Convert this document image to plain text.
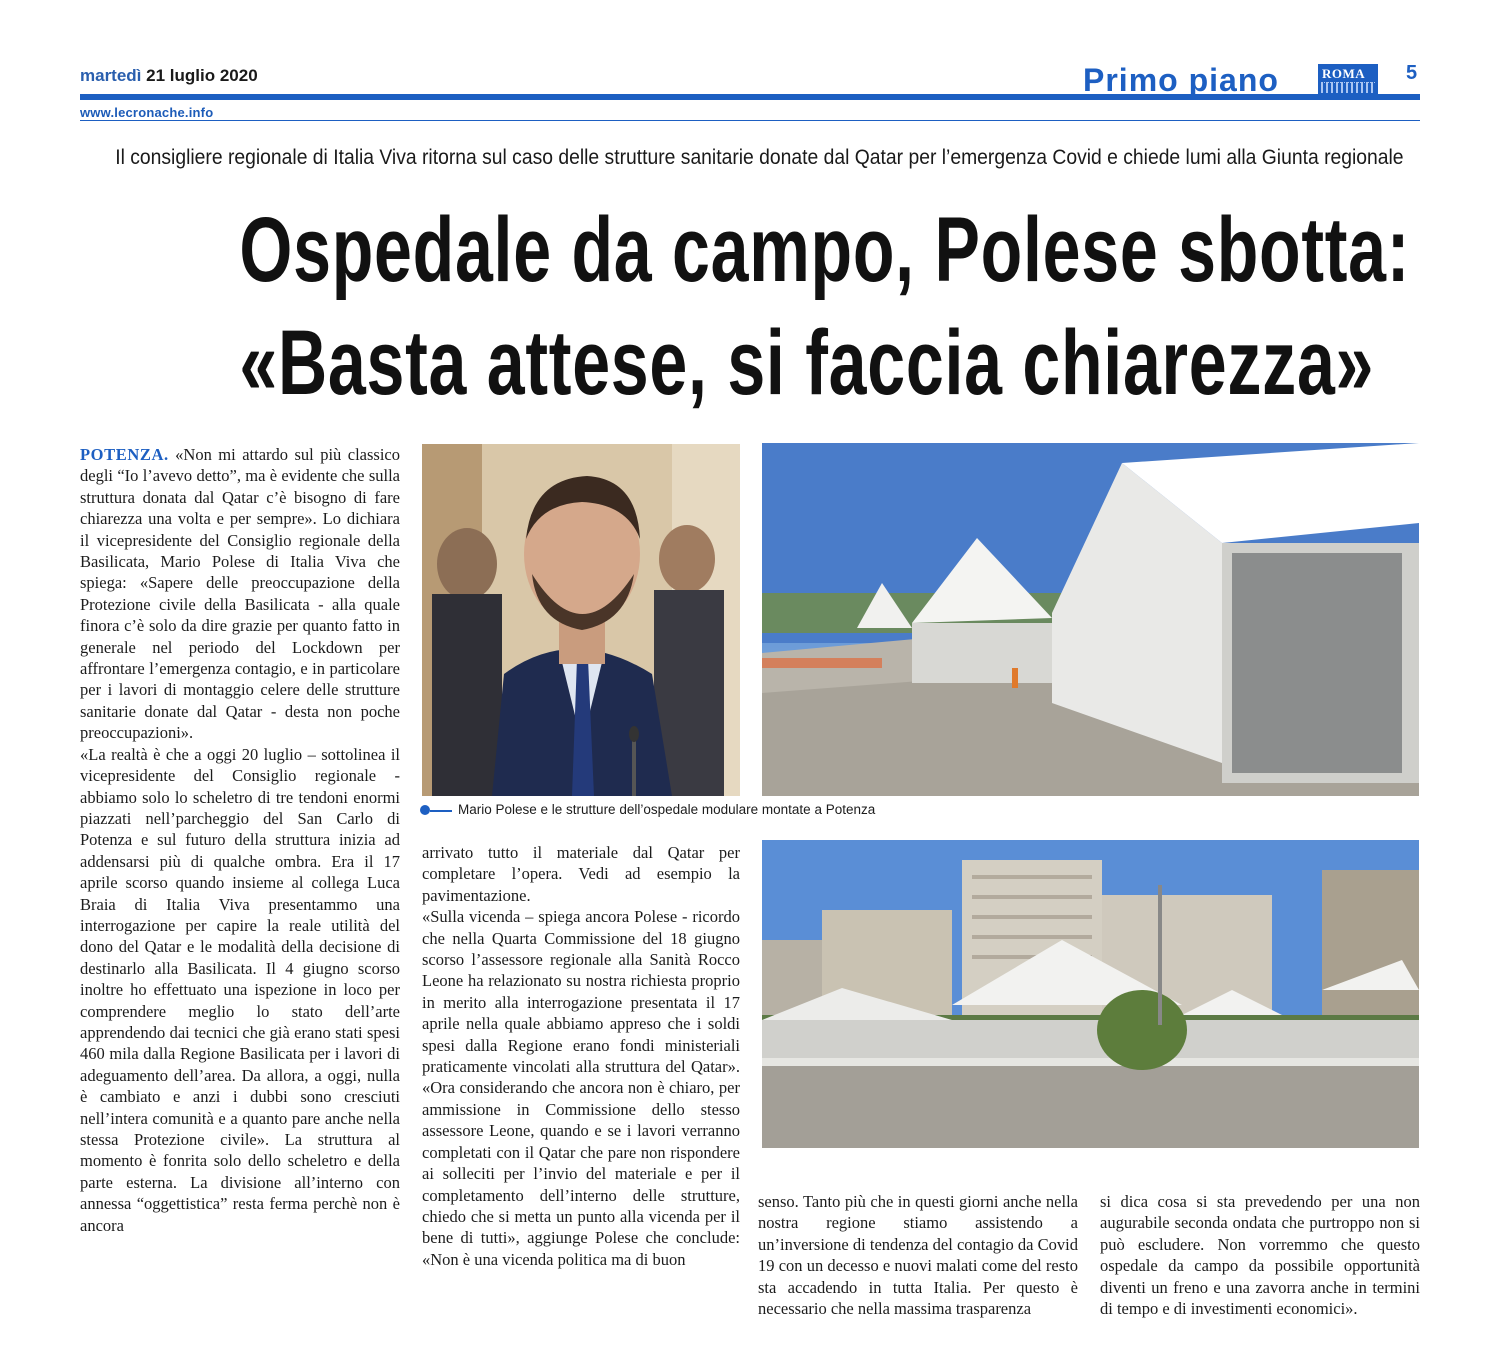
martedì 21 luglio 2020
www.lecronache.info
Primo piano	ROMA 5
Il consigliere regionale di Italia Viva ritorna sul caso delle strutture sanitarie donate dal Qatar per l’emergenza Covid e chiede lumi alla Giunta regionale
Ospedale da campo, Polese sbotta:
«Basta attese, si faccia chiarezza»

POTENZA. «Non mi attardo sul più classico degli “Io l’avevo detto”, ma è evidente che sulla struttura donata dal Qatar c’è bisogno di fare chiarezza una volta e per sempre». Lo dichiara il vicepresidente del Consiglio regionale della Basilicata, Mario Polese di Italia Viva che spiega: «Sapere delle preoccupazione della Protezione civile della Basilicata - alla quale finora c’è solo da dire grazie per quanto fatto in generale nel periodo del Lockdown per affrontare l’emergenza contagio, e in particolare per i lavori di montaggio celere delle strutture sanitarie donate dal Qatar - desta non poche preoccupazioni».

«La realtà è che a oggi 20 luglio – sottolinea il vicepresidente del Consiglio regionale - abbiamo solo lo scheletro di tre tendoni enormi piazzati nell’parcheggio del San Carlo di Potenza e sul futuro della struttura inizia ad addensarsi più di qualche ombra. Era il 17 aprile scorso quando insieme al collega Luca Braia di Italia Viva presentammo una interrogazione per capire la reale utilità del dono del Qatar e le modalità della decisione di destinarlo alla Basilicata. Il 4 giugno scorso inoltre ho effettuato una ispezione in loco per comprendere meglio lo stato dell’arte apprendendo dai tecnici che già erano stati spesi 460 mila dalla Regione Basilicata per i lavori di adeguamento dell’area. Da allora, a oggi, nulla è cambiato e anzi i dubbi sono cresciuti nell’intera comunità e a quanto pare anche nella stessa Protezione civile». La struttura al momento è fonrita solo dello scheletro e della parte esterna. La divisione all’interno con annessa “oggettistica” resta ferma perchè non è ancora

Mario Polese e le strutture dell’ospedale modulare montate a Potenza

arrivato tutto il materiale dal Qatar per completare l’opera. Vedi ad esempio la pavimentazione.

«Sulla vicenda – spiega ancora Polese - ricordo che nella Quarta Commissione del 18 giugno scorso l’assessore regionale alla Sanità Rocco Leone ha relazionato su nostra richiesta proprio in merito alla interrogazione presentata il 17 aprile nella quale abbiamo appreso che i soldi spesi dalla Regione erano fondi ministeriali praticamente vincolati alla struttura del Qatar». «Ora considerando che ancora non è chiaro, per ammissione in Commissione dello stesso assessore Leone, quando e se i lavori verranno completati con il Qatar che pare non rispondere ai solleciti per l’invio del materiale e per il completamento dell’interno delle strutture, chiedo che si metta un punto alla vicenda per il bene di tutti», aggiunge Polese che conclude: «Non è una vicenda politica ma di buon

senso. Tanto più che in questi giorni anche nella nostra regione stiamo assistendo a un’inversione di tendenza del contagio da Covid 19 con un decesso e nuovi malati come del resto sta accadendo in tutta Italia. Per questo è necessario che nella massima trasparenza
si dica cosa si sta prevedendo per una non augurabile seconda ondata che purtroppo non si può escludere. Non vorremmo che questo ospedale da campo da possibile opportunità diventi un freno e una zavorra anche in termini di tempo e di investimenti economici».
